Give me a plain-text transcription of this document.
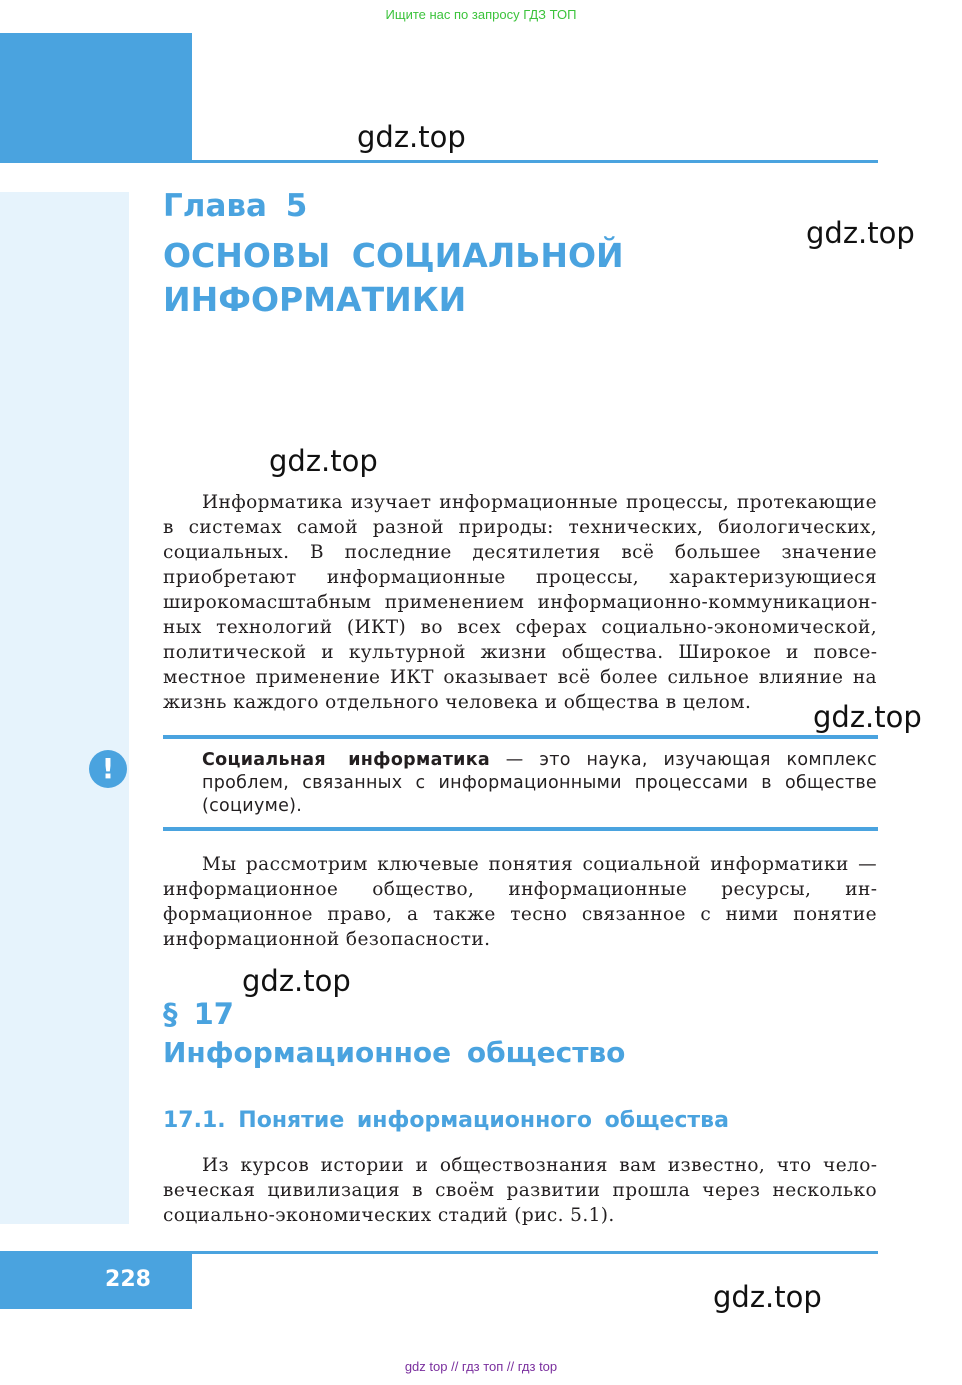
Ищите нас по запросу ГДЗ ТОП
gdz.top
gdz.top
gdz.top
gdz.top
gdz.top
gdz.top
Глава 5
ОСНОВЫ СОЦИАЛЬНОЙ
ИНФОРМАТИКИ

Информатика изучает информационные процессы, протекающие в системах самой разной природы: технических, биологических, социальных. В последние десятилетия всё большее значение приобретают информационные процессы, характеризующиеся широкомасштабным применением информационно-коммуникационных технологий (ИКТ) во всех сферах социально-экономической, политической и культурной жизни общества. Широкое и повсеместное применение ИКТ оказывает всё более сильное влияние на жизнь каждого отдельного человека и общества в целом.

!	Социальная информатика — это наука, изучающая комплекс проблем, связанных с информационными процессами в обществе (социуме).

Мы рассмотрим ключевые понятия социальной информатики — информационное общество, информационные ресурсы, информационное право, а также тесно связанное с ними понятие информационной безопасности.

§ 17
Информационное общество
17.1. Понятие информационного общества

Из курсов истории и обществознания вам известно, что человеческая цивилизация в своём развитии прошла через несколько социально-экономических стадий (рис. 5.1).

228
gdz top // гдз топ // гдз top
